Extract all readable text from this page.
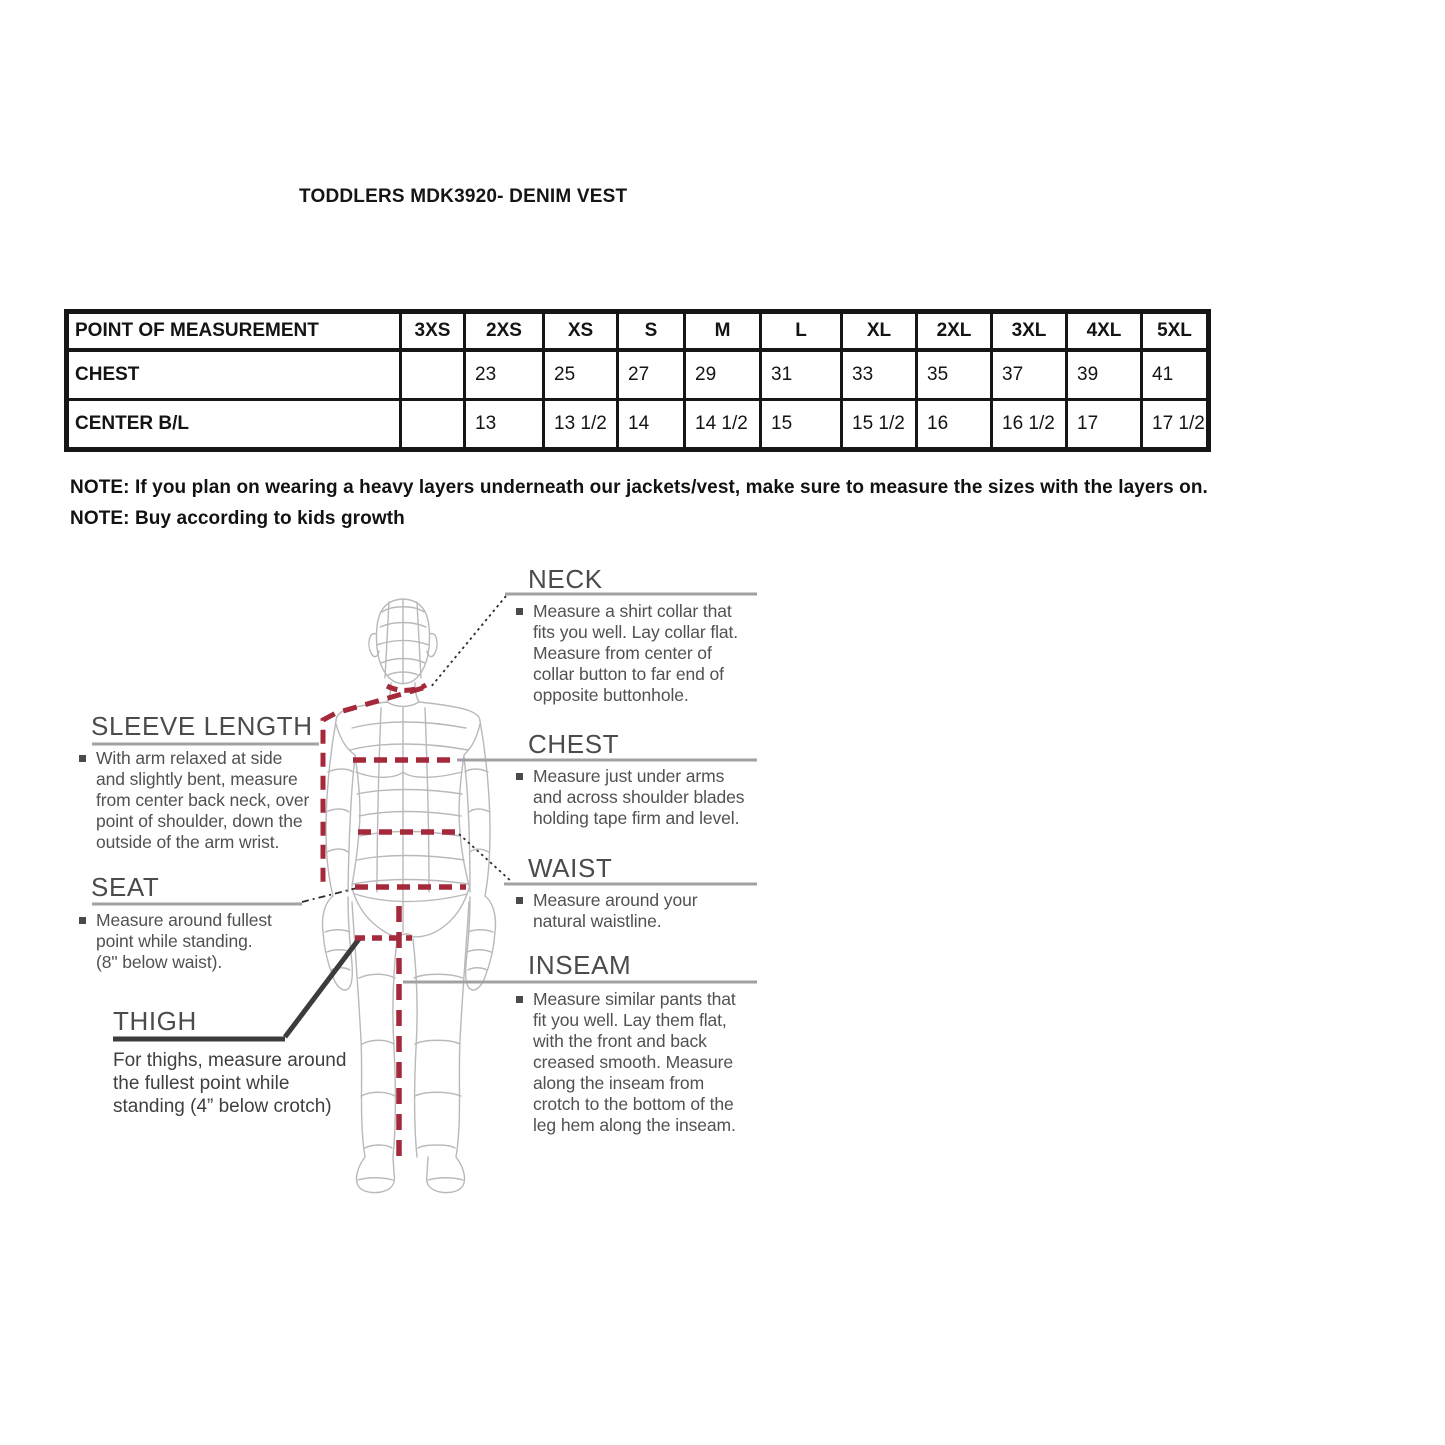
TODDLERS MDK3920- DENIM VEST
POINT OF MEASUREMENT	3XS	2XS	XS	S	M	L	XL	2XL	3XL	4XL	5XL
CHEST		23	25	27	29	31	33	35	37	39	41
CENTER B/L		13	13 1/2	14	14 1/2	15	15 1/2	16	16 1/2	17	17 1/2
NOTE: If you plan on wearing a heavy layers underneath our jackets/vest, make sure to measure the sizes with the layers on.
NOTE: Buy according to kids growth
NECK
Measure a shirt collar that
fits you well. Lay collar flat.
Measure from center of
collar button to far end of
opposite buttonhole.
CHEST
Measure just under arms
and across shoulder blades
holding tape firm and level.
WAIST
Measure around your
natural waistline.
INSEAM
Measure similar pants that
fit you well. Lay them flat,
with the front and back
creased smooth. Measure
along the inseam from
crotch to the bottom of the
leg hem along the inseam.
SLEEVE LENGTH
With arm relaxed at side
and slightly bent, measure
from center back neck, over
point of shoulder, down the
outside of the arm wrist.
SEAT
Measure around fullest
point while standing.
(8" below waist).
THIGH
For thighs, measure around
the fullest point while
standing (4” below crotch)
